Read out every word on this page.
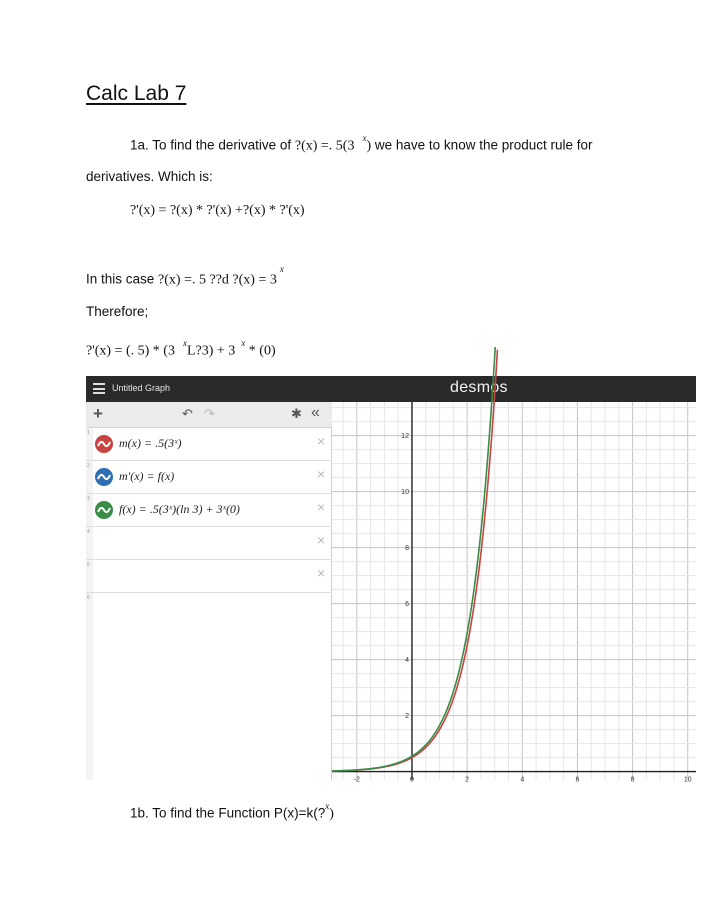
Calc Lab 7
1a. To find the derivative of ?(x) =. 5(3$^x$) we have to know the product rule for
derivatives. Which is:
?'(x) = ?(x) * ?'(x) +?(x) * ?'(x)
In this case ?(x) =. 5 ??d ?(x) = $3^x$
Therefore;
?'(x) = (. $5) * (3^xL?3) + 3^x * (0)$
Untitled Graph	desmos
+	↶ ↷	✱ «
1
m(x) = .5(3ˣ)	×
2
m'(x) = f(x)	×
3
f(x) = .5(3ˣ)(ln 3) + 3ˣ(0)	×
4	×
5	×
6
-2	0	2	4	6	8	10
2
4
6
8
10
12
1b. To find the Function P(x)=k(?$^x$)
